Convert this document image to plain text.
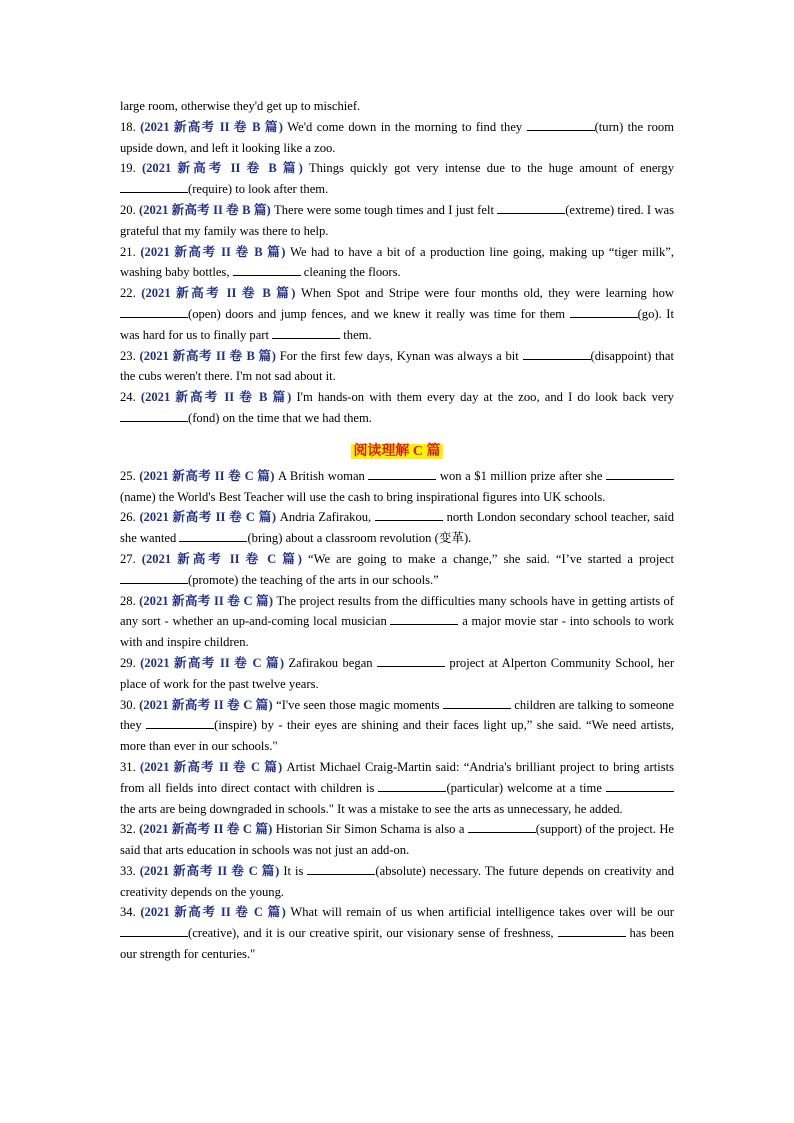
large room, otherwise they'd get up to mischief.

18. (2021 新高考 II 卷 B 篇) We'd come down in the morning to find they	(turn) the room upside down, and left it looking like a zoo.

19. (2021 新高考 II 卷 B 篇) Things quickly got very intense due to the huge amount of energy (require) to look after them.

20. (2021 新高考 II 卷 B 篇) There were some tough times and I just felt	(extreme) tired. I was grateful that my family was there to help.

21. (2021 新高考 II 卷 B 篇) We had to have a bit of a production line going, making up “tiger milk”, washing baby bottles,	cleaning the floors.

22. (2021 新高考 II 卷 B 篇) When Spot and Stripe were four months old, they were learning how (open) doors and jump fences, and we knew it really was time for them	(go). It was hard for us to finally part	them.

23. (2021 新高考 II 卷 B 篇) For the first few days, Kynan was always a bit	(disappoint) that the cubs weren't there. I'm not sad about it.

24. (2021 新高考 II 卷 B 篇) I'm hands-on with them every day at the zoo, and I do look back very (fond) on the time that we had them.

阅读理解 C 篇

25. (2021 新高考 II 卷 C 篇) A British woman	won a $1 million prize after she (name) the World's Best Teacher will use the cash to bring inspirational figures into UK schools.

26. (2021 新高考 II 卷 C 篇) Andria Zafirakou,	north London secondary school teacher, said she wanted	(bring) about a classroom revolution (变革).

27. (2021 新高考 II 卷 C 篇) “We are going to make a change,” she said. “I’ve started a project (promote) the teaching of the arts in our schools.”

28. (2021 新高考 II 卷 C 篇) The project results from the difficulties many schools have in getting artists of any sort - whether an up-and-coming local musician	a major movie star - into schools to work with and inspire children.

29. (2021 新高考 II 卷 C 篇) Zafirakou began	project at Alperton Community School, her place of work for the past twelve years.

30. (2021 新高考 II 卷 C 篇) “I've seen those magic moments	children are talking to someone they	(inspire) by - their eyes are shining and their faces light up,” she said. “We need artists, more than ever in our schools."

31. (2021 新高考 II 卷 C 篇) Artist Michael Craig-Martin said: “Andria's brilliant project to bring artists from all fields into direct contact with children is	(particular) welcome at a time  the arts are being downgraded in schools." It was a mistake to see the arts as unnecessary, he added.

32. (2021 新高考 II 卷 C 篇) Historian Sir Simon Schama is also a	(support) of the project. He said that arts education in schools was not just an add-on.

33. (2021 新高考 II 卷 C 篇) It is	(absolute) necessary. The future depends on creativity and creativity depends on the young.

34. (2021 新高考 II 卷 C 篇) What will remain of us when artificial intelligence takes over will be our (creative), and it is our creative spirit, our visionary sense of freshness,	has been our strength for centuries."
